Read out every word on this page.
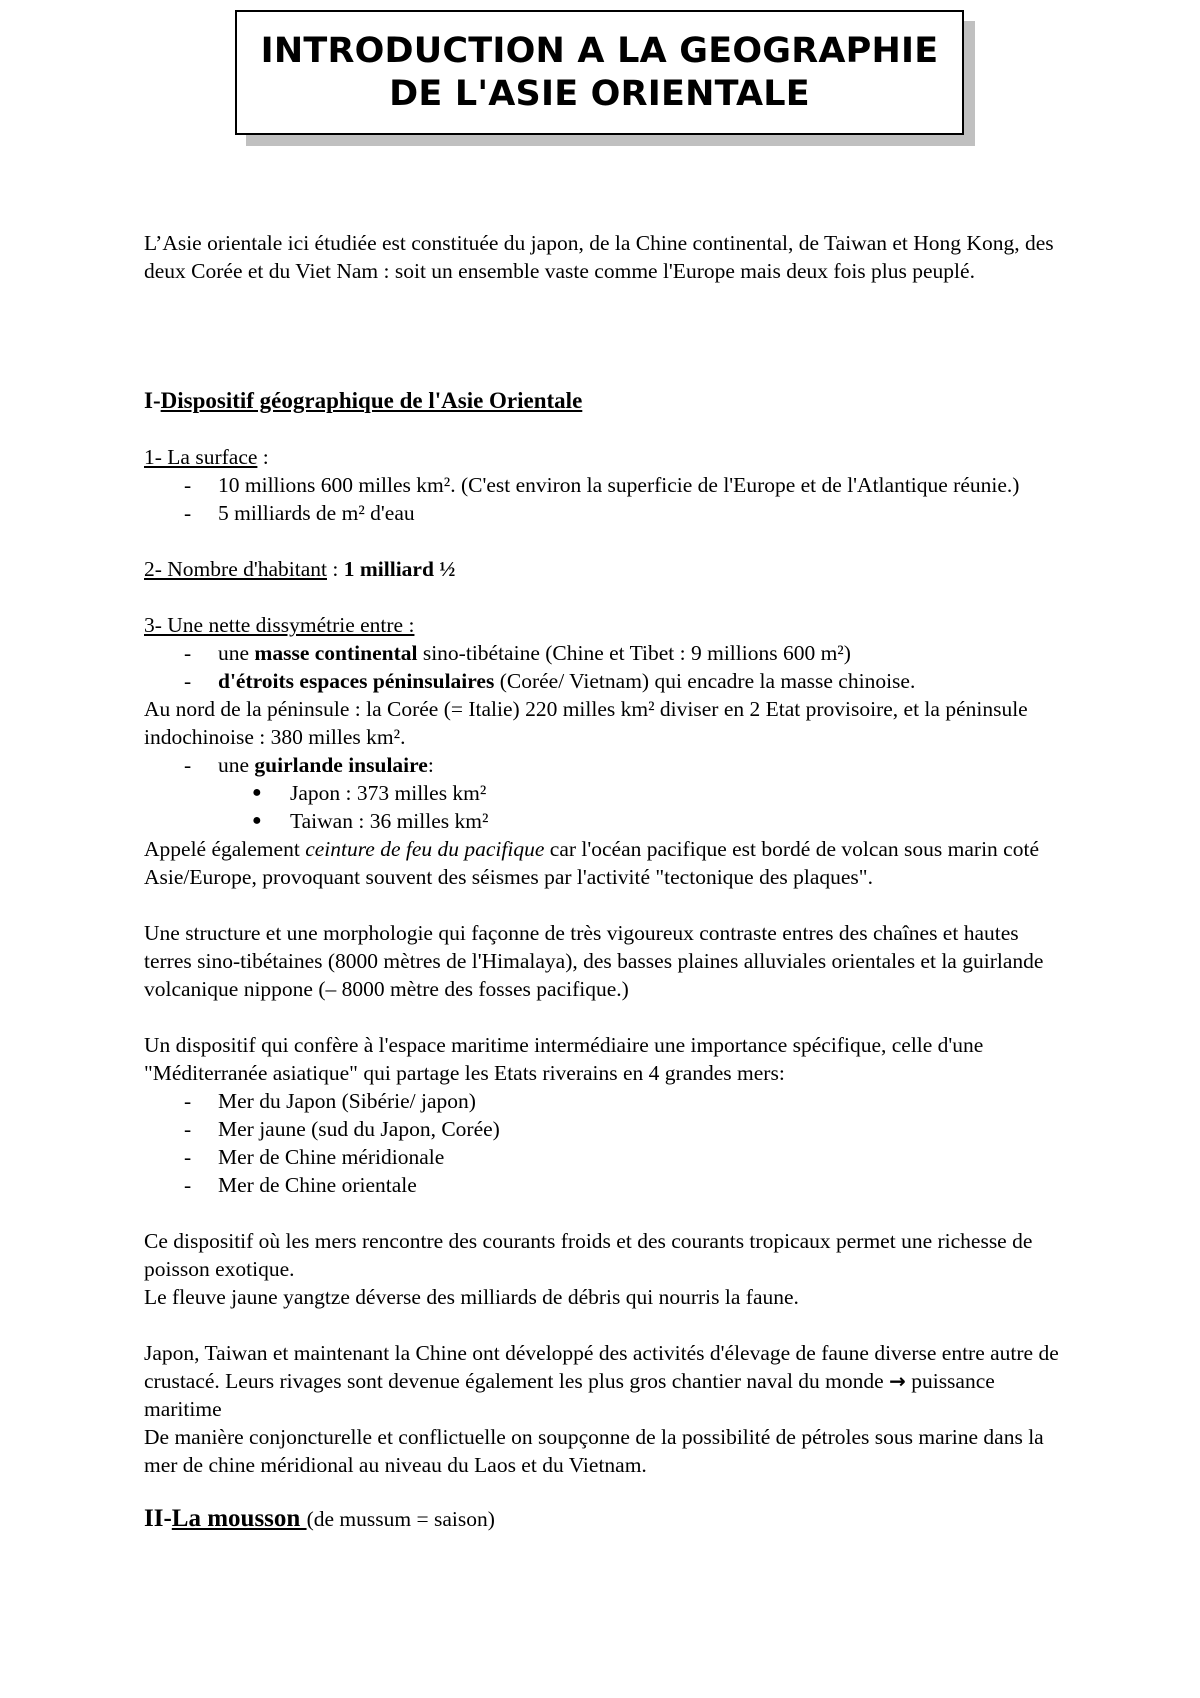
INTRODUCTION A LA GEOGRAPHIE
DE L'ASIE ORIENTALE

L’Asie orientale ici étudiée est constituée du japon, de la Chine continental, de Taiwan et Hong Kong, des deux Corée et du Viet Nam : soit un ensemble vaste comme l'Europe mais deux fois plus peuplé.

I-Dispositif géographique de l'Asie Orientale

1- La surface :

- 10 millions 600 milles km². (C'est environ la superficie de l'Europe et de l'Atlantique réunie.)
- 5 milliards de m² d'eau

2- Nombre d'habitant : 1 milliard ½

3- Une nette dissymétrie entre :

- une masse continental sino-tibétaine (Chine et Tibet : 9 millions 600 m²)
- d'étroits espaces péninsulaires (Corée/ Vietnam) qui encadre la masse chinoise.

Au nord de la péninsule : la Corée (= Italie) 220 milles km² diviser en 2 Etat provisoire, et la péninsule indochinoise : 380 milles km².

- une guirlande insulaire:
● Japon : 373 milles km²
● Taiwan : 36 milles km²

Appelé également ceinture de feu du pacifique car l'océan pacifique est bordé de volcan sous marin coté Asie/Europe, provoquant souvent des séismes par l'activité "tectonique des plaques".

Une structure et une morphologie qui façonne de très vigoureux contraste entres des chaînes et hautes terres sino-tibétaines (8000 mètres de l'Himalaya), des basses plaines alluviales orientales et la guirlande volcanique nippone (– 8000 mètre des fosses pacifique.)

Un dispositif qui confère à l'espace maritime intermédiaire une importance spécifique, celle d'une "Méditerranée asiatique" qui partage les Etats riverains en 4 grandes mers:

- Mer du Japon (Sibérie/ japon)
- Mer jaune (sud du Japon, Corée)
- Mer de Chine méridionale
- Mer de Chine orientale

Ce dispositif où les mers rencontre des courants froids et des courants tropicaux permet une richesse de poisson exotique.

Le fleuve jaune yangtze déverse des milliards de débris qui nourris la faune.

Japon, Taiwan et maintenant la Chine ont développé des activités d'élevage de faune diverse entre autre de crustacé. Leurs rivages sont devenue également les plus gros chantier naval du monde → puissance maritime

De manière conjoncturelle et conflictuelle on soupçonne de la possibilité de pétroles sous marine dans la mer de chine méridional au niveau du Laos et du Vietnam.

II-La mousson (de mussum = saison)
